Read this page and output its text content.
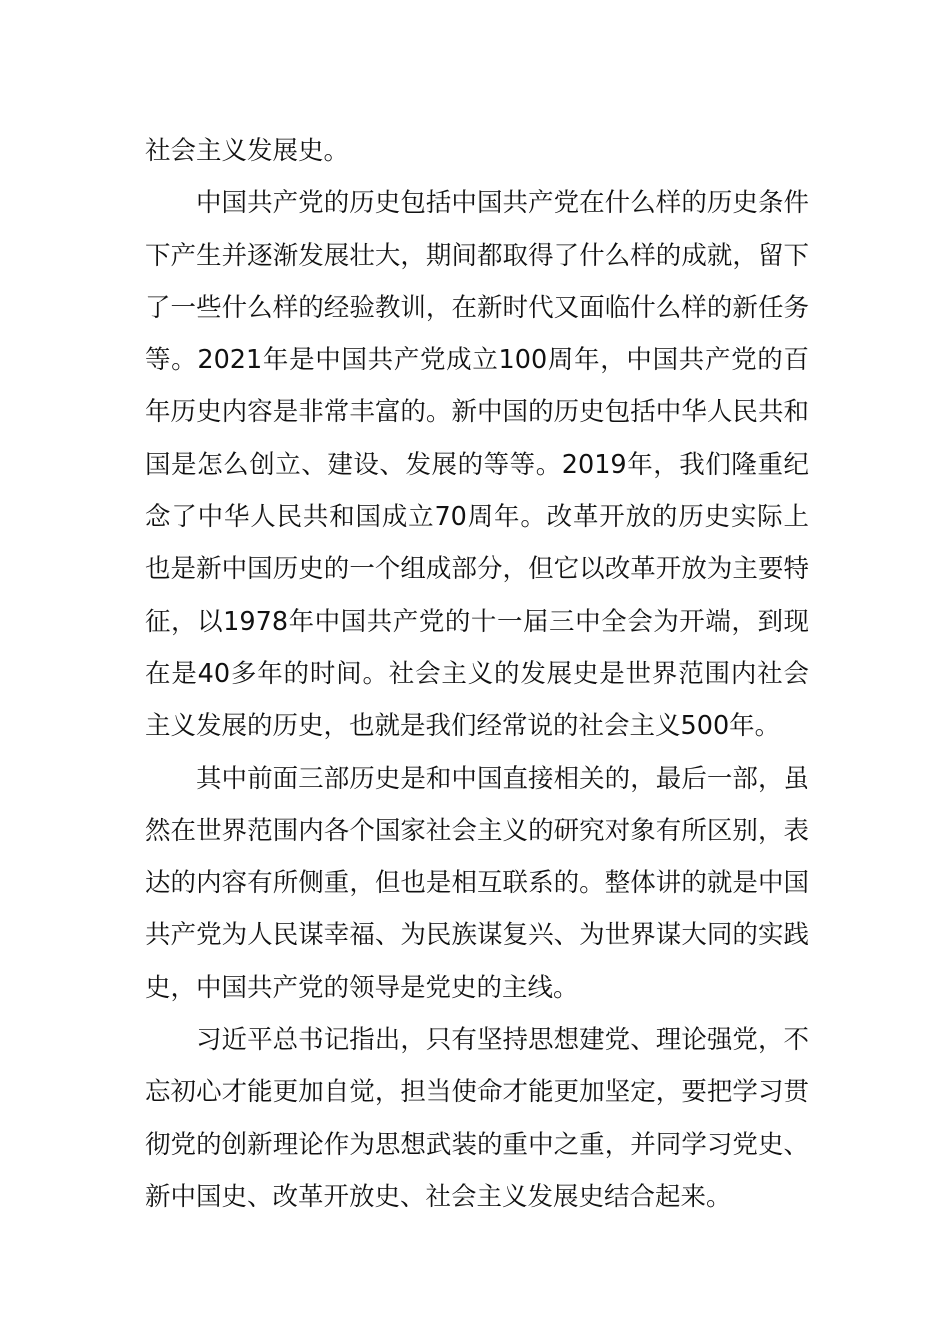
社会主义发展史。

中国共产党的历史包括中国共产党在什么样的历史条件下产生并逐渐发展壮大，期间都取得了什么样的成就，留下了一些什么样的经验教训，在新时代又面临什么样的新任务等。2021年是中国共产党成立100周年，中国共产党的百年历史内容是非常丰富的。新中国的历史包括中华人民共和国是怎么创立、建设、发展的等等。2019年，我们隆重纪念了中华人民共和国成立70周年。改革开放的历史实际上也是新中国历史的一个组成部分，但它以改革开放为主要特征，以1978年中国共产党的十一届三中全会为开端，到现在是40多年的时间。社会主义的发展史是世界范围内社会主义发展的历史，也就是我们经常说的社会主义500年。

其中前面三部历史是和中国直接相关的，最后一部，虽然在世界范围内各个国家社会主义的研究对象有所区别，表达的内容有所侧重，但也是相互联系的。整体讲的就是中国共产党为人民谋幸福、为民族谋复兴、为世界谋大同的实践史，中国共产党的领导是党史的主线。

习近平总书记指出，只有坚持思想建党、理论强党，不忘初心才能更加自觉，担当使命才能更加坚定，要把学习贯彻党的创新理论作为思想武装的重中之重，并同学习党史、新中国史、改革开放史、社会主义发展史结合起来。
